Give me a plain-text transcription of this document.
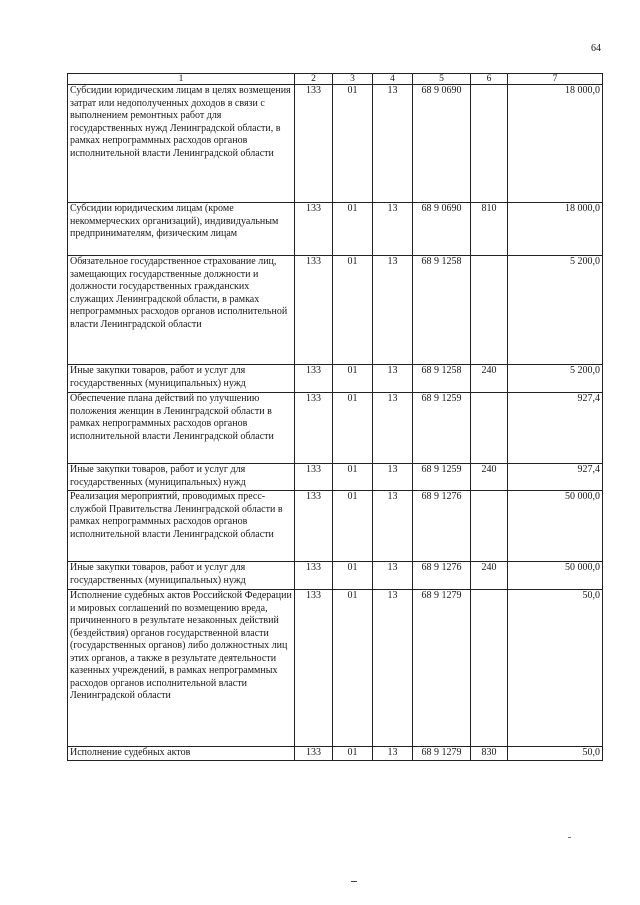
64
1	2	3	4	5	6	7
Субсидии юридическим лицам в целях возмещения затрат или недополученных доходов в связи с выполнением ремонтных работ для государственных нужд Ленинградской области, в рамках непрограммных расходов органов исполнительной власти Ленинградской области	133	01	13	68 9 0690		18 000,0
Субсидии юридическим лицам (кроме некоммерческих организаций), индивидуальным предпринимателям, физическим лицам	133	01	13	68 9 0690	810	18 000,0
Обязательное государственное страхование лиц, замещающих государственные должности и должности государственных гражданских служащих Ленинградской области, в рамках непрограммных расходов органов исполнительной власти Ленинградской области	133	01	13	68 9 1258		5 200,0
Иные закупки товаров, работ и услуг для государственных (муниципальных) нужд	133	01	13	68 9 1258	240	5 200,0
Обеспечение плана действий по улучшению положения женщин в Ленинградской области в рамках непрограммных расходов органов исполнительной власти Ленинградской области	133	01	13	68 9 1259		927,4
Иные закупки товаров, работ и услуг для государственных (муниципальных) нужд	133	01	13	68 9 1259	240	927,4
Реализация мероприятий, проводимых пресс-службой Правительства Ленинградской области в рамках непрограммных расходов органов исполнительной власти Ленинградской области	133	01	13	68 9 1276		50 000,0
Иные закупки товаров, работ и услуг для государственных (муниципальных) нужд	133	01	13	68 9 1276	240	50 000,0
Исполнение судебных актов Российской Федерации и мировых соглашений по возмещению вреда, причиненного в результате незаконных действий (бездействия) органов государственной власти (государственных органов) либо должностных лиц этих органов, а также в результате деятельности казенных учреждений, в рамках непрограммных расходов органов исполнительной власти Ленинградской области	133	01	13	68 9 1279		50,0
Исполнение судебных актов	133	01	13	68 9 1279	830	50,0
